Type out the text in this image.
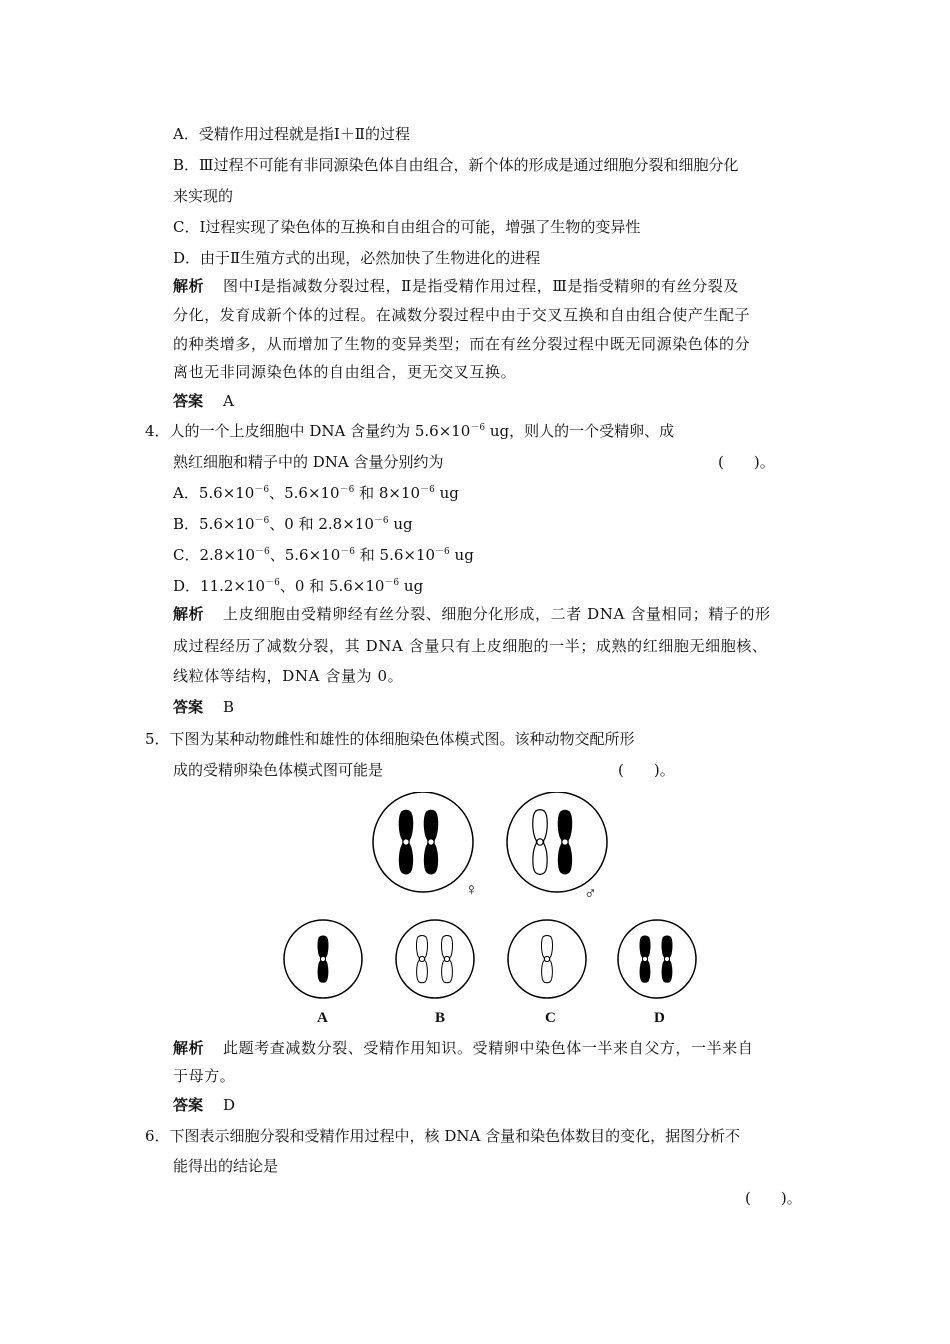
A．受精作用过程就是指Ⅰ＋Ⅱ的过程
B．Ⅲ过程不可能有非同源染色体自由组合，新个体的形成是通过细胞分裂和细胞分化
来实现的
C．Ⅰ过程实现了染色体的互换和自由组合的可能，增强了生物的变异性
D．由于Ⅱ生殖方式的出现，必然加快了生物进化的进程
解析 图中Ⅰ是指减数分裂过程，Ⅱ是指受精作用过程，Ⅲ是指受精卵的有丝分裂及
分化，发育成新个体的过程。在减数分裂过程中由于交叉互换和自由组合使产生配子
的种类增多，从而增加了生物的变异类型；而在有丝分裂过程中既无同源染色体的分
离也无非同源染色体的自由组合，更无交叉互换。
答案 A
4．人的一个上皮细胞中 DNA 含量约为 $5.6\times 10^{-6}$ ug，则人的一个受精卵、成
熟红细胞和精子中的 DNA 含量分别约为	(　　)。
A．$5.6\times 10^{-6}$、$5.6\times 10^{-6}$ 和 $8\times 10^{-6}$ ug
B．$5.6\times 10^{-6}$、0 和 $2.8\times 10^{-6}$ ug
C．$2.8\times 10^{-6}$、$5.6\times 10^{-6}$ 和 $5.6\times 10^{-6}$ ug
D．$11.2\times 10^{-6}$、0 和 $5.6\times 10^{-6}$ ug
解析 上皮细胞由受精卵经有丝分裂、细胞分化形成，二者 DNA 含量相同；精子的形
成过程经历了减数分裂，其 DNA 含量只有上皮细胞的一半；成熟的红细胞无细胞核、
线粒体等结构，DNA 含量为 0。
答案 B
5．下图为某种动物雌性和雄性的体细胞染色体模式图。该种动物交配所形
成的受精卵染色体模式图可能是	(　　)。
♀	♂
A	B	C	D
解析 此题考查减数分裂、受精作用知识。受精卵中染色体一半来自父方，一半来自
于母方。
答案 D
6．下图表示细胞分裂和受精作用过程中，核 DNA 含量和染色体数目的变化，据图分析不
能得出的结论是
(　　)。
